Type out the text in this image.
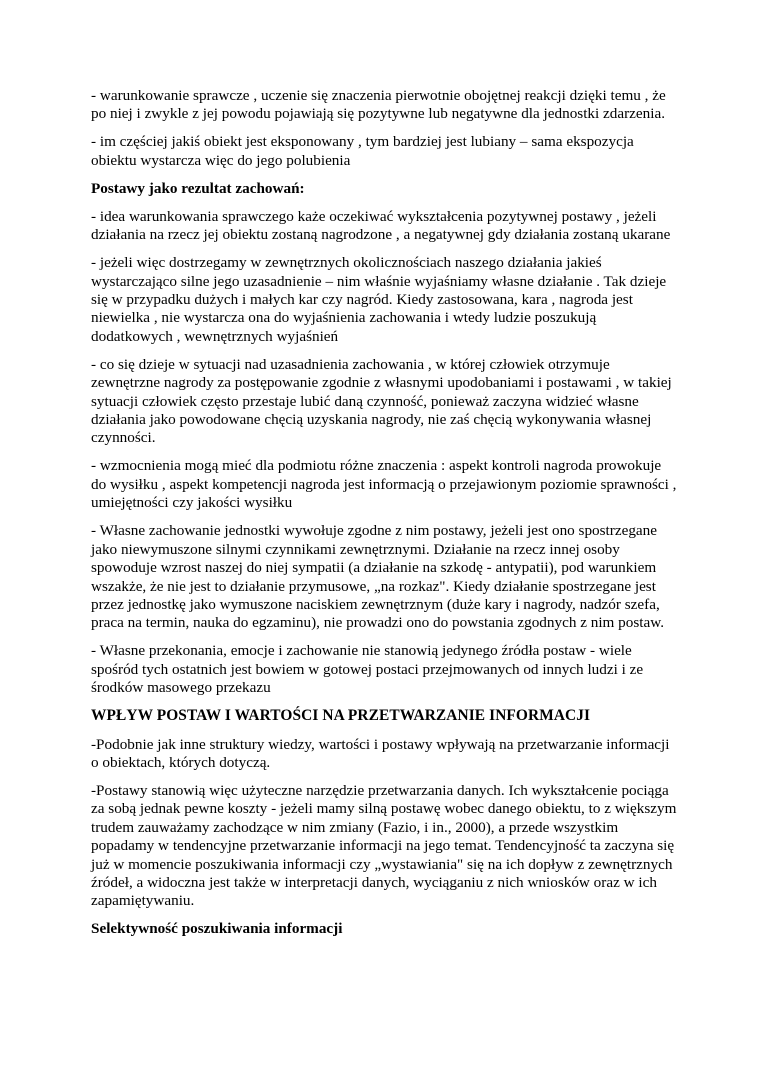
- warunkowanie sprawcze , uczenie się znaczenia pierwotnie obojętnej reakcji dzięki temu , że po niej i zwykle z jej powodu pojawiają się pozytywne lub negatywne dla jednostki zdarzenia.

- im częściej jakiś obiekt jest eksponowany , tym bardziej jest lubiany – sama ekspozycja obiektu wystarcza więc do jego polubienia

Postawy jako rezultat zachowań:

- idea warunkowania sprawczego każe oczekiwać wykształcenia pozytywnej postawy , jeżeli działania na rzecz jej obiektu zostaną nagrodzone , a negatywnej gdy działania zostaną ukarane

- jeżeli więc dostrzegamy w zewnętrznych okolicznościach naszego działania jakieś wystarczająco silne jego uzasadnienie – nim właśnie wyjaśniamy własne działanie . Tak dzieje się w przypadku dużych i małych kar czy nagród. Kiedy zastosowana, kara , nagroda jest niewielka , nie wystarcza ona do wyjaśnienia zachowania i wtedy ludzie poszukują dodatkowych , wewnętrznych wyjaśnień

- co się dzieje w sytuacji nad uzasadnienia zachowania , w której człowiek otrzymuje zewnętrzne nagrody za postępowanie zgodnie z własnymi upodobaniami i postawami , w takiej sytuacji człowiek często przestaje lubić daną czynność, ponieważ zaczyna widzieć własne działania jako powodowane chęcią uzyskania nagrody, nie zaś chęcią wykonywania własnej czynności.

- wzmocnienia mogą mieć dla podmiotu różne znaczenia : aspekt kontroli nagroda prowokuje do wysiłku , aspekt kompetencji nagroda jest informacją o przejawionym poziomie sprawności , umiejętności czy jakości wysiłku

- Własne zachowanie jednostki wywołuje zgodne z nim postawy, jeżeli jest ono spostrzegane jako niewymuszone silnymi czynnikami zewnętrznymi. Działanie na rzecz innej osoby spowoduje wzrost naszej do niej sympatii (a działanie na szkodę - antypatii), pod warunkiem wszakże, że nie jest to działanie przymusowe, „na rozkaz". Kiedy działanie spostrzegane jest przez jednostkę jako wymuszone naciskiem zewnętrznym (duże kary i nagrody, nadzór szefa, praca na termin, nauka do egzaminu), nie prowadzi ono do powstania zgodnych z nim postaw.

- Własne przekonania, emocje i zachowanie nie stanowią jedynego źródła postaw - wiele spośród tych ostatnich jest bowiem w gotowej postaci przejmowanych od innych ludzi i ze środków masowego przekazu

WPŁYW POSTAW I WARTOŚCI NA PRZETWARZANIE INFORMACJI

-Podobnie jak inne struktury wiedzy, wartości i postawy wpływają na przetwarzanie informacji o obiektach, których dotyczą.

-Postawy stanowią więc użyteczne narzędzie przetwarzania danych. Ich wykształcenie pociąga za sobą jednak pewne koszty - jeżeli mamy silną postawę wobec danego obiektu, to z większym trudem zauważamy zachodzące w nim zmiany (Fazio, i in., 2000), a przede wszystkim popadamy w tendencyjne przetwarzanie informacji na jego temat. Tendencyjność ta zaczyna się już w momencie poszukiwania informacji czy „wystawiania" się na ich dopływ z zewnętrznych źródeł, a widoczna jest także w interpretacji danych, wyciąganiu z nich wniosków oraz w ich zapamiętywaniu.

Selektywność poszukiwania informacji
